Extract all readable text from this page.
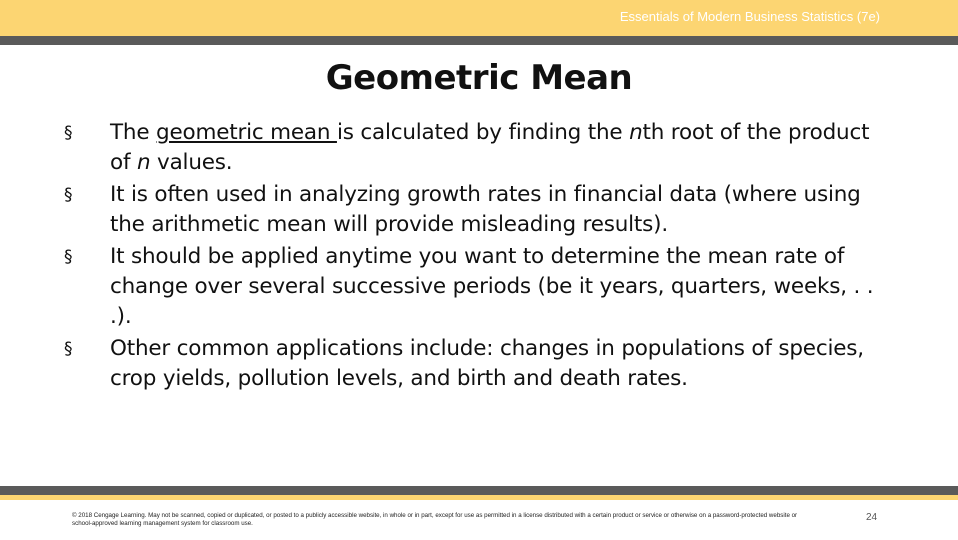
Essentials of Modern Business Statistics (7e)
Geometric Mean
§ The geometric mean is calculated by finding the nth root of the product of n values.
§ It is often used in analyzing growth rates in financial data (where using the arithmetic mean will provide misleading results).
§ It should be applied anytime you want to determine the mean rate of change over several successive periods (be it years, quarters, weeks, . . .).
§ Other common applications include: changes in populations of species, crop yields, pollution levels, and birth and death rates.
© 2018 Cengage Learning. May not be scanned, copied or duplicated, or posted to a publicly accessible website, in whole or in part, except for use as permitted in a license distributed with a certain product or service or otherwise on a password-protected website or school-approved learning management system for classroom use.
24
